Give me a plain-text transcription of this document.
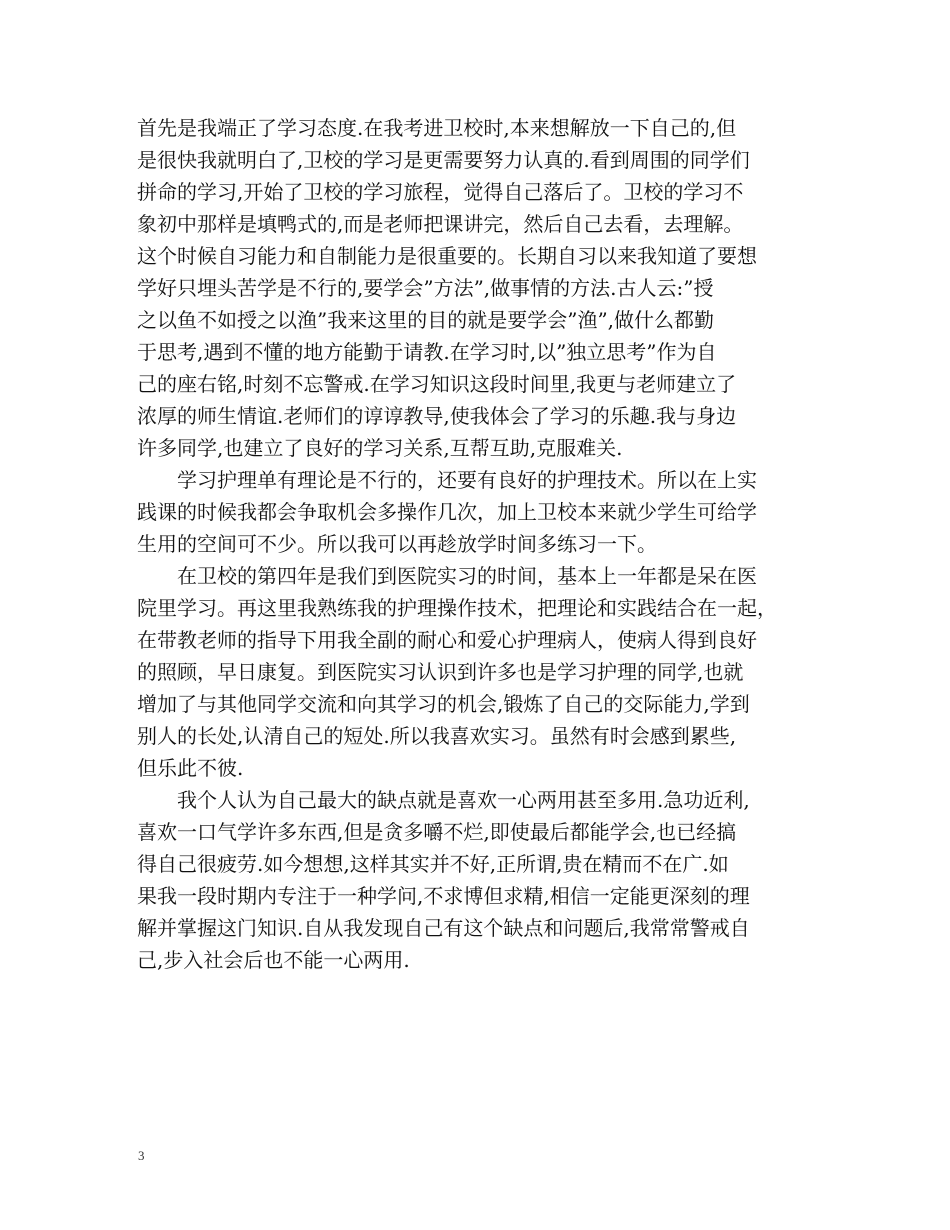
首先是我端正了学习态度.在我考进卫校时,本来想解放一下自己的,但
是很快我就明白了,卫校的学习是更需要努力认真的.看到周围的同学们
拼命的学习,开始了卫校的学习旅程，觉得自己落后了。卫校的学习不
象初中那样是填鸭式的,而是老师把课讲完，然后自己去看，去理解。
这个时候自习能力和自制能力是很重要的。长期自习以来我知道了要想
学好只埋头苦学是不行的,要学会”方法”,做事情的方法.古人云:”授
之以鱼不如授之以渔”我来这里的目的就是要学会”渔”,做什么都勤
于思考,遇到不懂的地方能勤于请教.在学习时,以”独立思考”作为自
己的座右铭,时刻不忘警戒.在学习知识这段时间里,我更与老师建立了
浓厚的师生情谊.老师们的谆谆教导,使我体会了学习的乐趣.我与身边
许多同学,也建立了良好的学习关系,互帮互助,克服难关.
学习护理单有理论是不行的，还要有良好的护理技术。所以在上实
践课的时候我都会争取机会多操作几次，加上卫校本来就少学生可给学
生用的空间可不少。所以我可以再趁放学时间多练习一下。
在卫校的第四年是我们到医院实习的时间，基本上一年都是呆在医
院里学习。再这里我熟练我的护理操作技术，把理论和实践结合在一起，
在带教老师的指导下用我全副的耐心和爱心护理病人，使病人得到良好
的照顾，早日康复。到医院实习认识到许多也是学习护理的同学,也就
增加了与其他同学交流和向其学习的机会,锻炼了自己的交际能力,学到
别人的长处,认清自己的短处.所以我喜欢实习。虽然有时会感到累些,
但乐此不彼.
我个人认为自己最大的缺点就是喜欢一心两用甚至多用.急功近利,
喜欢一口气学许多东西,但是贪多嚼不烂,即使最后都能学会,也已经搞
得自己很疲劳.如今想想,这样其实并不好,正所谓,贵在精而不在广.如
果我一段时期内专注于一种学问,不求博但求精,相信一定能更深刻的理
解并掌握这门知识.自从我发现自己有这个缺点和问题后,我常常警戒自
己,步入社会后也不能一心两用.
3
